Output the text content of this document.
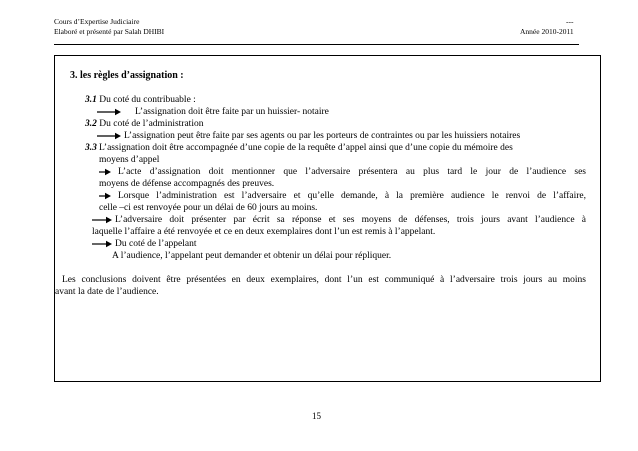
Cours d’Expertise Judiciaire
Elaboré et présenté par Salah DHIBI
---
Année 2010-2011
3. les règles d’assignation :
3.1 Du coté du contribuable :
L’assignation doit être faite par un huissier- notaire
3.2 Du coté de l’administration
L’assignation peut être faite par ses agents ou par les porteurs de contraintes ou par les huissiers notaires
3.3 L’assignation doit être accompagnée d’une copie de la requête d’appel ainsi que d’une copie du mémoire des
moyens d’appel
L’acte d’assignation doit mentionner que l’adversaire présentera au plus tard le jour de l’audience ses
moyens de défense accompagnés des preuves.
Lorsque l’administration est l’adversaire et qu’elle demande, à la première audience le renvoi de l’affaire,
celle –ci est renvoyée pour un délai de 60 jours au moins.
L’adversaire doit présenter par écrit sa réponse et ses moyens de défenses, trois jours avant l’audience à
laquelle l’affaire a été renvoyée et ce en deux exemplaires dont l’un est remis à l’appelant.
Du coté de l’appelant
A l’audience, l’appelant peut demander et obtenir un délai pour répliquer.
Les conclusions doivent être présentées en deux exemplaires, dont l’un est communiqué à l’adversaire trois jours au moins
avant la date de l’audience.
15
